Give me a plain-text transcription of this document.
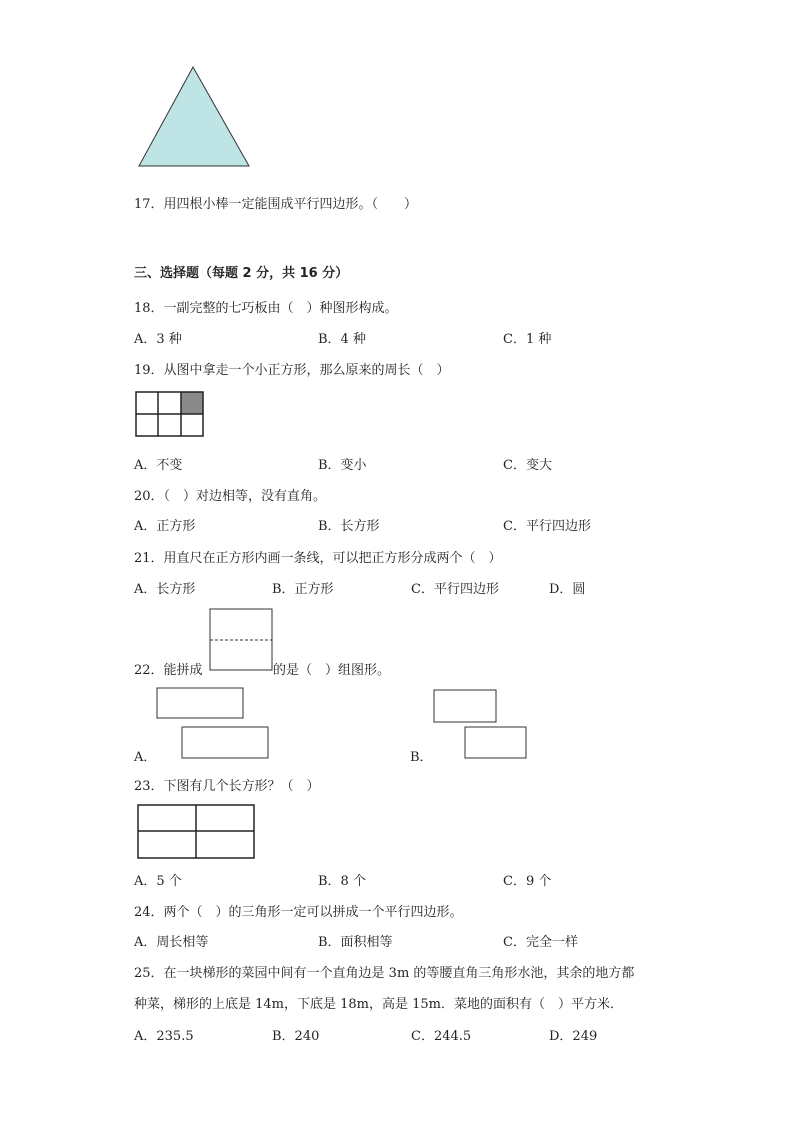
17．用四根小棒一定能围成平行四边形。（　　）
三、选择题（每题 2 分，共 16 分）
18．一副完整的七巧板由（　）种图形构成。
A．3 种	B．4 种	C．1 种
19．从图中拿走一个小正方形，那么原来的周长（　）
A．不变	B．变小	C．变大
20．（　）对边相等，没有直角。
A．正方形	B．长方形	C．平行四边形
21．用直尺在正方形内画一条线，可以把正方形分成两个（　）
A．长方形	B．正方形	C．平行四边形	D．圆
22．能拼成	的是（　）组图形。
A．	B．
23．下图有几个长方形？（　）
A．5 个	B．8 个	C．9 个
24．两个（　）的三角形一定可以拼成一个平行四边形。
A．周长相等	B．面积相等	C．完全一样
25．在一块梯形的菜园中间有一个直角边是 3m 的等腰直角三角形水池，其余的地方都
种菜，梯形的上底是 14m，下底是 18m，高是 15m．菜地的面积有（　）平方米．
A．235.5	B．240	C．244.5	D．249
